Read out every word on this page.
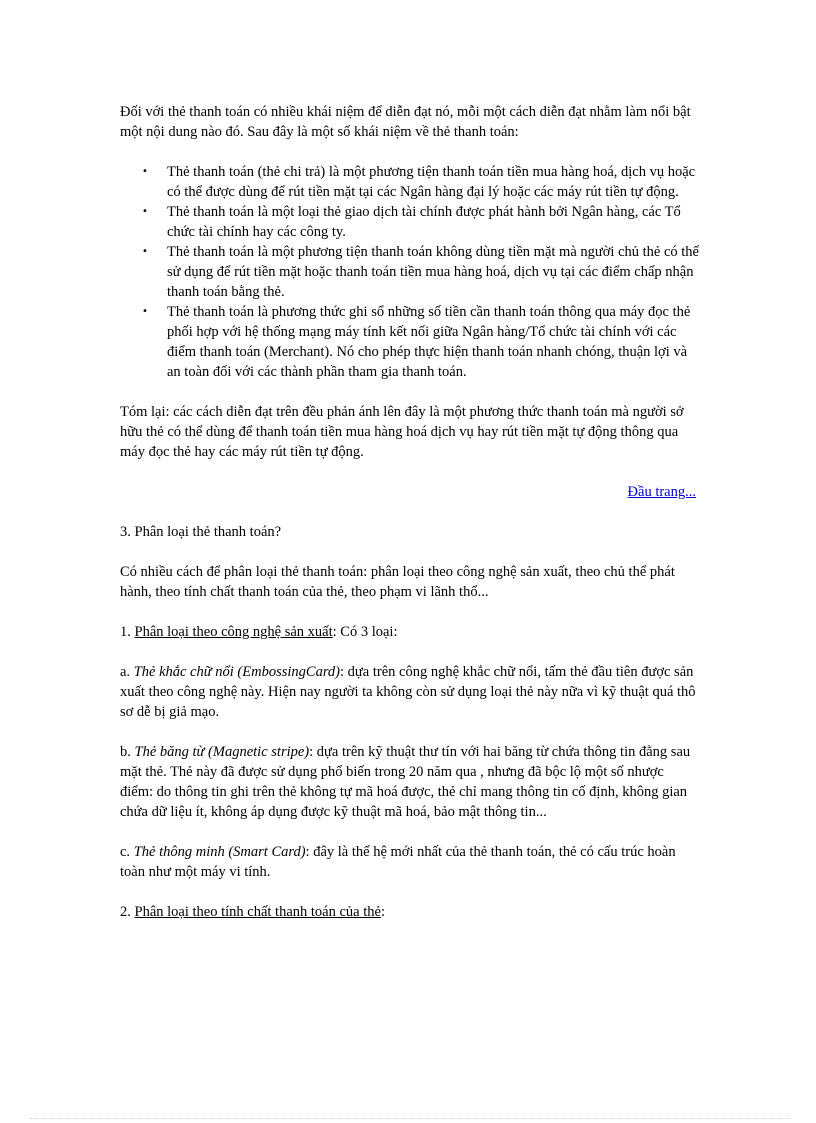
Đối với thẻ thanh toán có nhiều khái niệm để diễn đạt nó, mỗi một cách diễn đạt nhằm làm nổi bật một nội dung nào đó. Sau đây là một số khái niệm về thẻ thanh toán:

• Thẻ thanh toán (thẻ chi trả) là một phương tiện thanh toán tiền mua hàng hoá, dịch vụ hoặc có thể được dùng để rút tiền mặt tại các Ngân hàng đại lý hoặc các máy rút tiền tự động.
• Thẻ thanh toán là một loại thẻ giao dịch tài chính được phát hành bởi Ngân hàng, các Tổ chức tài chính hay các công ty.
• Thẻ thanh toán là một phương tiện thanh toán không dùng tiền mặt mà người chủ thẻ có thể sử dụng để rút tiền mặt hoặc thanh toán tiền mua hàng hoá, dịch vụ tại các điểm chấp nhận thanh toán bằng thẻ.
• Thẻ thanh toán là phương thức ghi sổ những số tiền cần thanh toán thông qua máy đọc thẻ phối hợp với hệ thống mạng máy tính kết nối giữa Ngân hàng/Tổ chức tài chính với các điểm thanh toán (Merchant). Nó cho phép thực hiện thanh toán nhanh chóng, thuận lợi và an toàn đối với các thành phần tham gia thanh toán.

Tóm lại: các cách diễn đạt trên đều phản ánh lên đây là một phương thức thanh toán mà người sở hữu thẻ có thể dùng để thanh toán tiền mua hàng hoá dịch vụ hay rút tiền mặt tự động thông qua máy đọc thẻ hay các máy rút tiền tự động.

Đầu trang...

3. Phân loại thẻ thanh toán?

Có nhiều cách để phân loại thẻ thanh toán: phân loại theo công nghệ sản xuất, theo chủ thể phát hành, theo tính chất thanh toán của thẻ, theo phạm vi lãnh thổ...

1. Phân loại theo công nghệ sản xuất: Có 3 loại:

a. Thẻ khắc chữ nổi (EmbossingCard): dựa trên công nghệ khắc chữ nổi, tấm thẻ đầu tiên được sản xuất theo công nghệ này. Hiện nay người ta không còn sử dụng loại thẻ này nữa vì kỹ thuật quá thô sơ dễ bị giả mạo.

b. Thẻ băng từ (Magnetic stripe): dựa trên kỹ thuật thư tín với hai băng từ chứa thông tin đằng sau mặt thẻ. Thẻ này đã được sử dụng phổ biến trong 20 năm qua , nhưng đã bộc lộ một số nhược điểm: do thông tin ghi trên thẻ không tự mã hoá được, thẻ chỉ mang thông tin cố định, không gian chứa dữ liệu ít, không áp dụng được kỹ thuật mã hoá, bảo mật thông tin...

c. Thẻ thông minh (Smart Card): đây là thế hệ mới nhất của thẻ thanh toán, thẻ có cấu trúc hoàn toàn như một máy vi tính.

2. Phân loại theo tính chất thanh toán của thẻ:
